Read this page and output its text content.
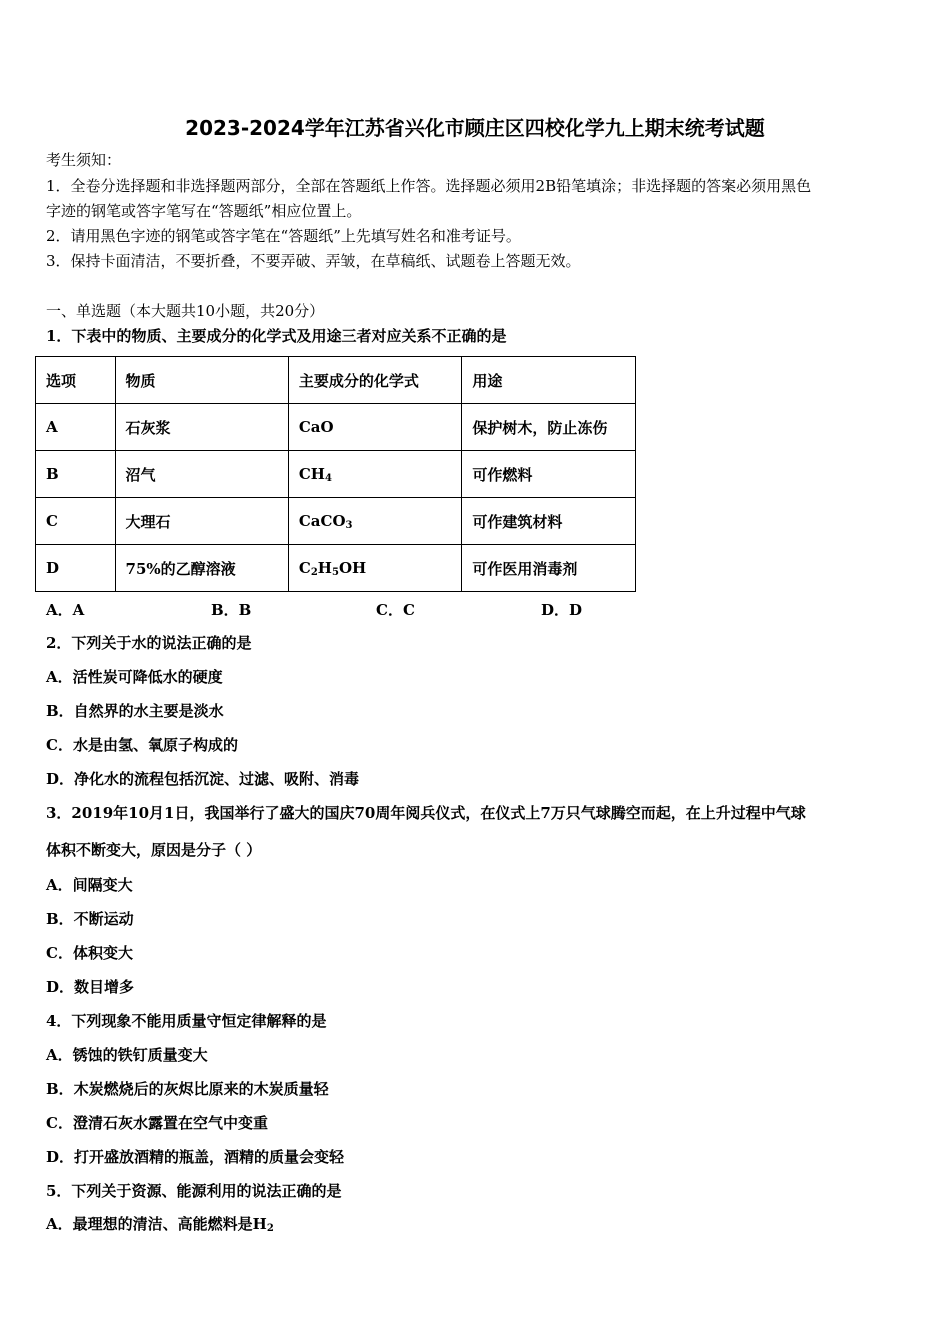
2023-2024学年江苏省兴化市顾庄区四校化学九上期末统考试题
考生须知：
1．全卷分选择题和非选择题两部分，全部在答题纸上作答。选择题必须用2B铅笔填涂；非选择题的答案必须用黑色
字迹的钢笔或答字笔写在“答题纸”相应位置上。
2．请用黑色字迹的钢笔或答字笔在“答题纸”上先填写姓名和准考证号。
3．保持卡面清洁，不要折叠，不要弄破、弄皱，在草稿纸、试题卷上答题无效。
一、单选题（本大题共10小题，共20分）
1．下表中的物质、主要成分的化学式及用途三者对应关系不正确的是
选项	物质	主要成分的化学式	用途
A	石灰浆	CaO	保护树木，防止冻伤
B	沼气	$CH_4$	可作燃料
C	大理石	CaCO$_3$	可作建筑材料
D	75%的乙醇溶液	$C_2H_5OH$	可作医用消毒剂
A．A	B．B	C．C	D．D
2．下列关于水的说法正确的是
A．活性炭可降低水的硬度
B．自然界的水主要是淡水
C．水是由氢、氧原子构成的
D．净化水的流程包括沉淀、过滤、吸附、消毒
3．2019年10月1日，我国举行了盛大的国庆70周年阅兵仪式，在仪式上7万只气球腾空而起，在上升过程中气球
体积不断变大，原因是分子（ ）
A．间隔变大
B．不断运动
C．体积变大
D．数目增多
4．下列现象不能用质量守恒定律解释的是
A．锈蚀的铁钉质量变大
B．木炭燃烧后的灰烬比原来的木炭质量轻
C．澄清石灰水露置在空气中变重
D．打开盛放酒精的瓶盖，酒精的质量会变轻
5．下列关于资源、能源利用的说法正确的是
A．最理想的清洁、高能燃料是$H_2$
